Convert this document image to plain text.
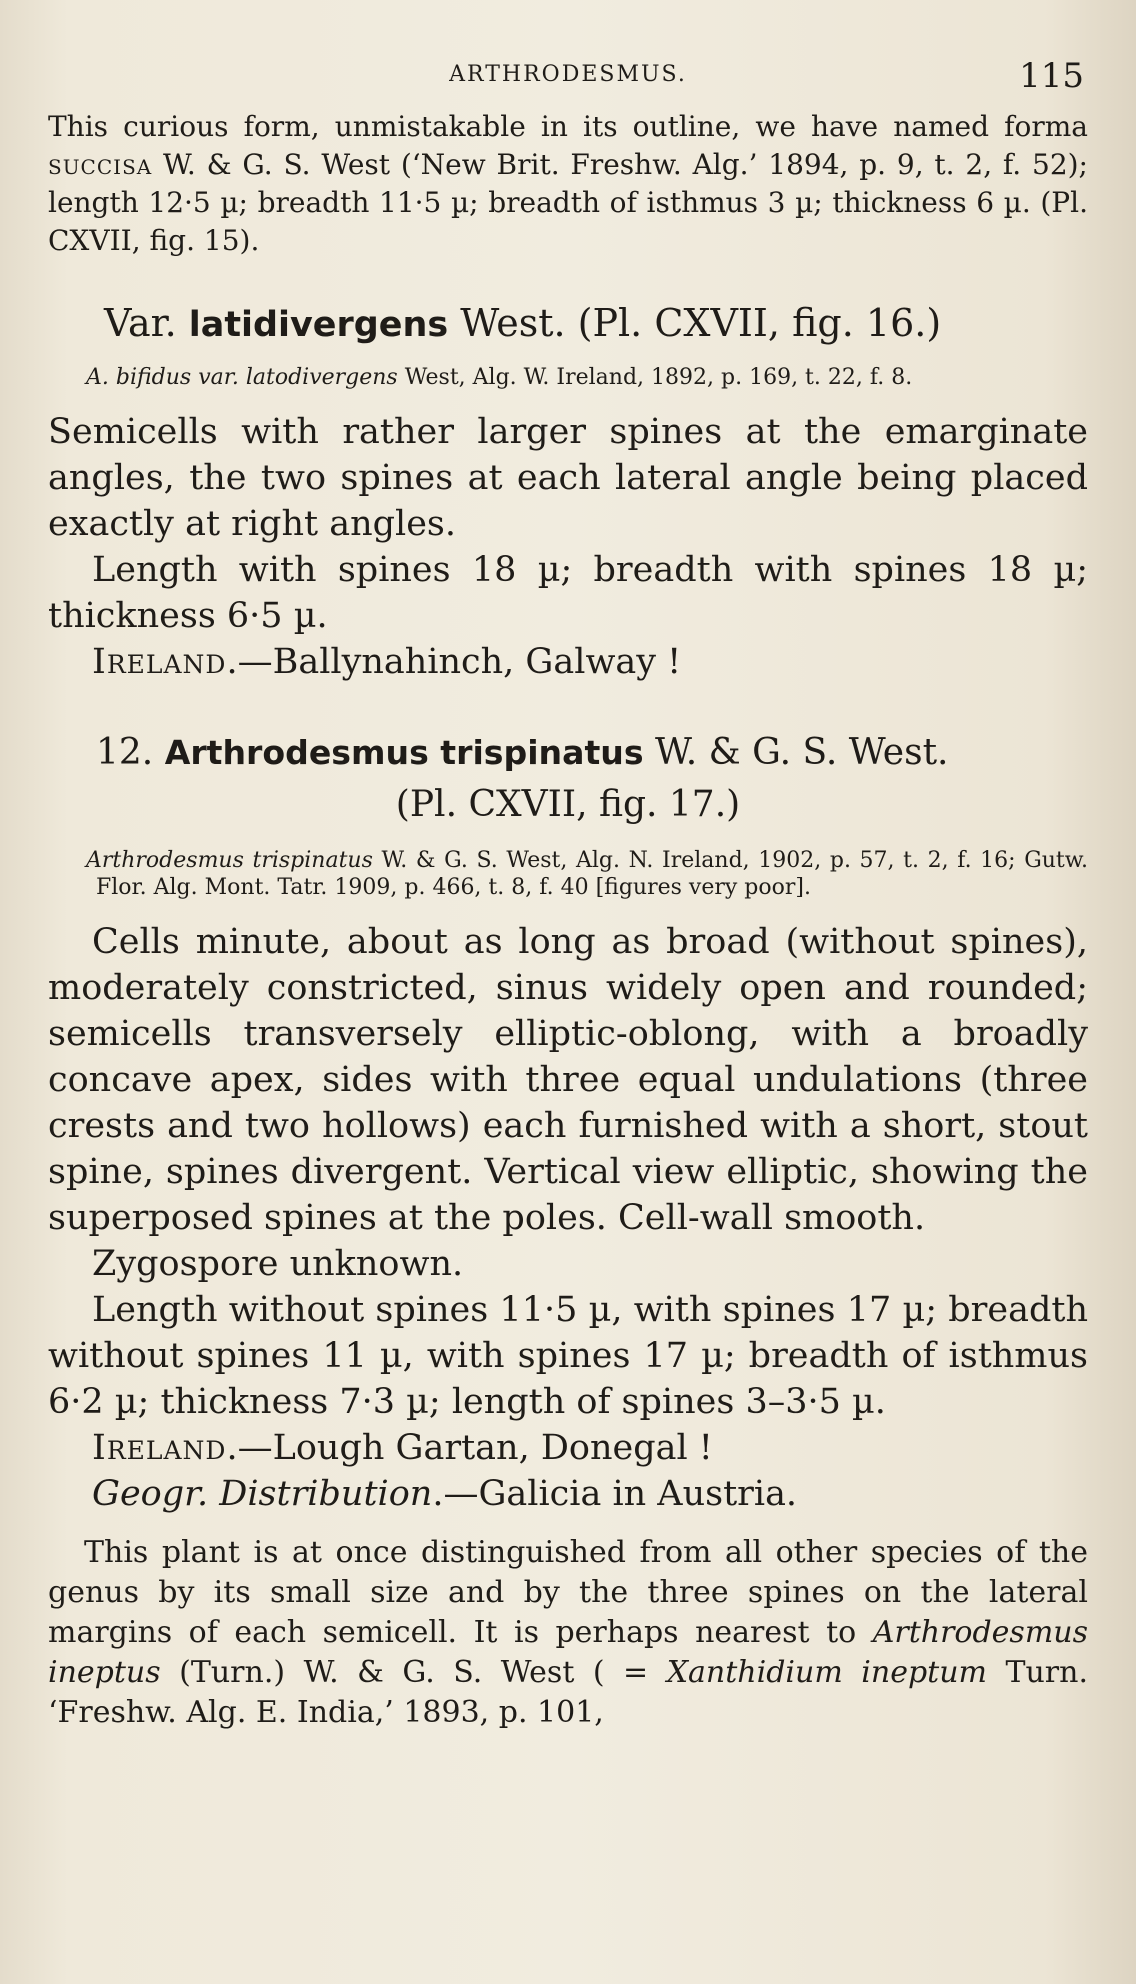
ARTHRODESMUS.	115

This curious form, unmistakable in its outline, we have named forma succisa W. & G. S. West (‘New Brit. Freshw. Alg.’ 1894, p. 9, t. 2, f. 52); length 12·5 µ; breadth 11·5 µ; breadth of isthmus 3 µ; thickness 6 µ. (Pl. CXVII, fig. 15).

Var. latidivergens West. (Pl. CXVII, fig. 16.)

A. bifidus var. latodivergens West, Alg. W. Ireland, 1892, p. 169, t. 22, f. 8.

Semicells with rather larger spines at the emarginate angles, the two spines at each lateral angle being placed exactly at right angles.

Length with spines 18 µ; breadth with spines 18 µ; thickness 6·5 µ.

Ireland.—Ballynahinch, Galway !

12. Arthrodesmus trispinatus W. & G. S. West.
(Pl. CXVII, fig. 17.)

Arthrodesmus trispinatus W. & G. S. West, Alg. N. Ireland, 1902, p. 57, t. 2, f. 16; Gutw. Flor. Alg. Mont. Tatr. 1909, p. 466, t. 8, f. 40 [figures very poor].

Cells minute, about as long as broad (without spines), moderately constricted, sinus widely open and rounded; semicells transversely elliptic-oblong, with a broadly concave apex, sides with three equal undulations (three crests and two hollows) each furnished with a short, stout spine, spines divergent. Vertical view elliptic, showing the superposed spines at the poles. Cell-wall smooth.

Zygospore unknown.

Length without spines 11·5 µ, with spines 17 µ; breadth without spines 11 µ, with spines 17 µ; breadth of isthmus 6·2 µ; thickness 7·3 µ; length of spines 3–3·5 µ.

Ireland.—Lough Gartan, Donegal !

Geogr. Distribution.—Galicia in Austria.

This plant is at once distinguished from all other species of the genus by its small size and by the three spines on the lateral margins of each semicell. It is perhaps nearest to Arthrodesmus ineptus (Turn.) W. & G. S. West ( = Xanthidium ineptum Turn. ‘Freshw. Alg. E. India,’ 1893, p. 101,
